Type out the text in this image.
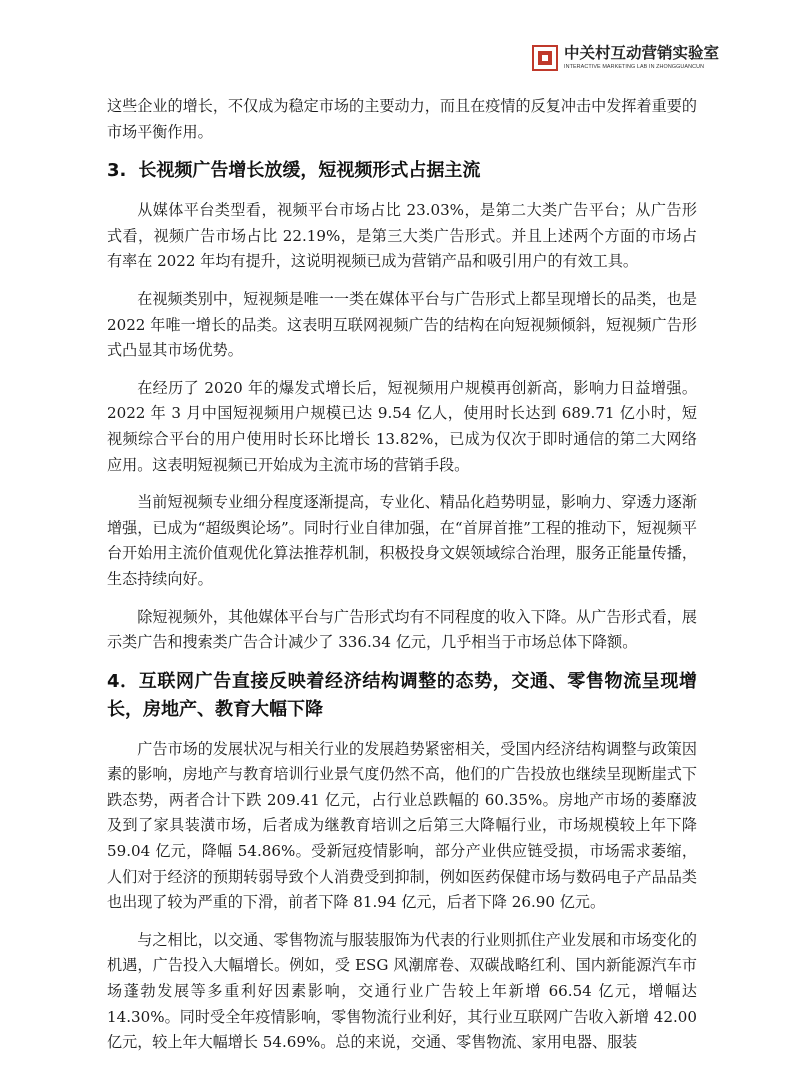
中关村互动营销实验室
INTERACTIVE MARKETING LAB IN ZHONGGUANCUN

这些企业的增长，不仅成为稳定市场的主要动力，而且在疫情的反复冲击中发挥着重要的市场平衡作用。

3. 长视频广告增长放缓，短视频形式占据主流

从媒体平台类型看，视频平台市场占比 23.03%，是第二大类广告平台；从广告形式看，视频广告市场占比 22.19%，是第三大类广告形式。并且上述两个方面的市场占有率在 2022 年均有提升，这说明视频已成为营销产品和吸引用户的有效工具。

在视频类别中，短视频是唯一一类在媒体平台与广告形式上都呈现增长的品类，也是 2022 年唯一增长的品类。这表明互联网视频广告的结构在向短视频倾斜，短视频广告形式凸显其市场优势。

在经历了 2020 年的爆发式增长后，短视频用户规模再创新高，影响力日益增强。2022 年 3 月中国短视频用户规模已达 9.54 亿人，使用时长达到 689.71 亿小时，短视频综合平台的用户使用时长环比增长 13.82%，已成为仅次于即时通信的第二大网络应用。这表明短视频已开始成为主流市场的营销手段。

当前短视频专业细分程度逐渐提高，专业化、精品化趋势明显，影响力、穿透力逐渐增强，已成为“超级舆论场”。同时行业自律加强，在“首屏首推”工程的推动下，短视频平台开始用主流价值观优化算法推荐机制，积极投身文娱领域综合治理，服务正能量传播，生态持续向好。

除短视频外，其他媒体平台与广告形式均有不同程度的收入下降。从广告形式看，展示类广告和搜索类广告合计减少了 336.34 亿元，几乎相当于市场总体下降额。

4．互联网广告直接反映着经济结构调整的态势，交通、零售物流呈现增长，房地产、教育大幅下降

广告市场的发展状况与相关行业的发展趋势紧密相关，受国内经济结构调整与政策因素的影响，房地产与教育培训行业景气度仍然不高，他们的广告投放也继续呈现断崖式下跌态势，两者合计下跌 209.41 亿元，占行业总跌幅的 60.35%。房地产市场的萎靡波及到了家具装潢市场，后者成为继教育培训之后第三大降幅行业，市场规模较上年下降 59.04 亿元，降幅 54.86%。受新冠疫情影响，部分产业供应链受损，市场需求萎缩，人们对于经济的预期转弱导致个人消费受到抑制，例如医药保健市场与数码电子产品品类也出现了较为严重的下滑，前者下降 81.94 亿元，后者下降 26.90 亿元。

与之相比，以交通、零售物流与服装服饰为代表的行业则抓住产业发展和市场变化的机遇，广告投入大幅增长。例如，受 ESG 风潮席卷、双碳战略红利、国内新能源汽车市场蓬勃发展等多重利好因素影响，交通行业广告较上年新增 66.54 亿元，增幅达 14.30%。同时受全年疫情影响，零售物流行业利好，其行业互联网广告收入新增 42.00 亿元，较上年大幅增长 54.69%。总的来说，交通、零售物流、家用电器、服装
